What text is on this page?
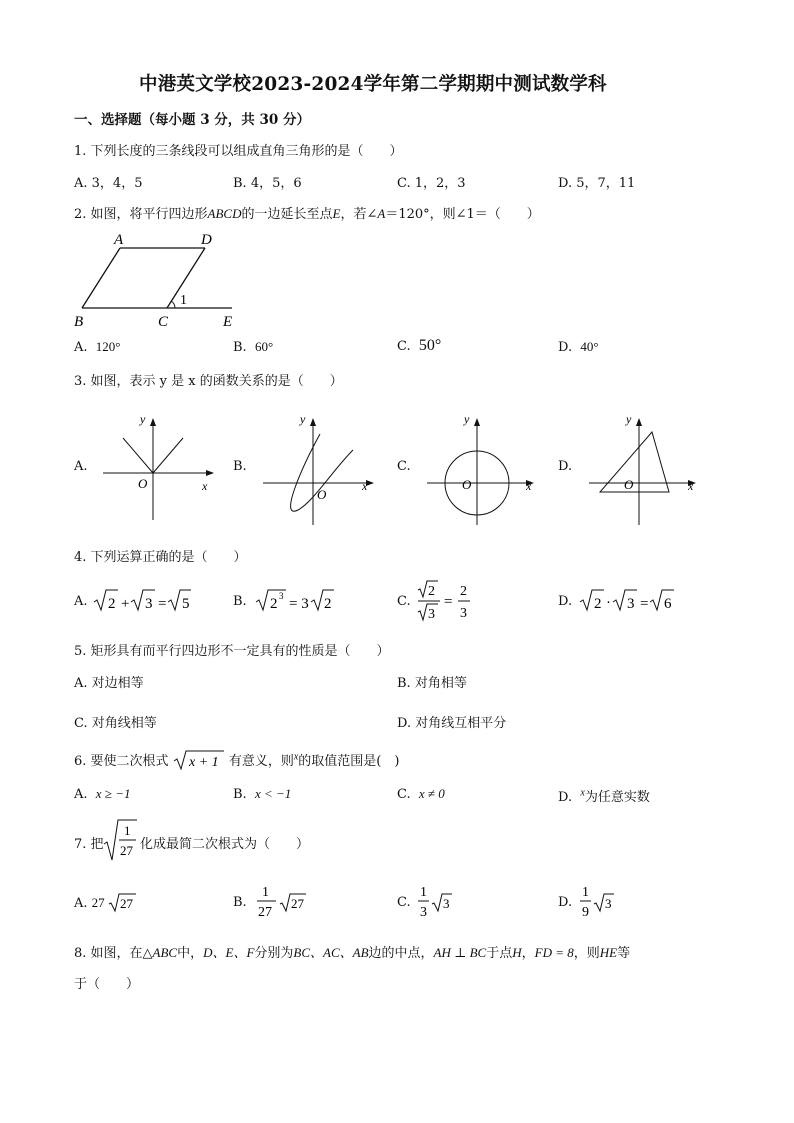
中港英文学校2023-2024学年第二学期期中测试数学科
一、选择题（每小题 3 分，共 30 分）
1. 下列长度的三条线段可以组成直角三角形的是（　　）
A. 3，4，5	B. 4，5，6	C. 1，2，3	D. 5，7，11
2. 如图，将平行四边形ABCD的一边延长至点E，若∠A＝120°，则∠1＝（　　）
A	D
B	C	E
1
A. 120°	B. 60°	C. 50°	D. 40°
3. 如图，表示 y 是 x 的函数关系的是（　　）
A.	B.	C.	D.
y
x
O
y
x
O
y
x
O
y
x
O
4. 下列运算正确的是（　　）
A.	B.	C.	D.
2 + 3 = 5	2 3 = 3 2
2
3
=
2
3
2 · 3 = 6
5. 矩形具有而平行四边形不一定具有的性质是（　　）
A. 对边相等	B. 对角相等
C. 对角线相等	D. 对角线互相平分
6. 要使二次根式 x + 1 有意义，则$^x$的取值范围是(　)
A. x ≥ −1	B. x < −1	C. x ≠ 0	D. $^x$为任意实数
7. 把
1
27 化成最简二次根式为（　　）
A. 27 27	B.
1
27
27	C.
1
3
3	D.
1
9
3
8. 如图，在△ABC中，D、E、F分别为BC、AC、AB边的中点，AH ⊥ BC于点H，FD = 8，则HE等
于（　　）
